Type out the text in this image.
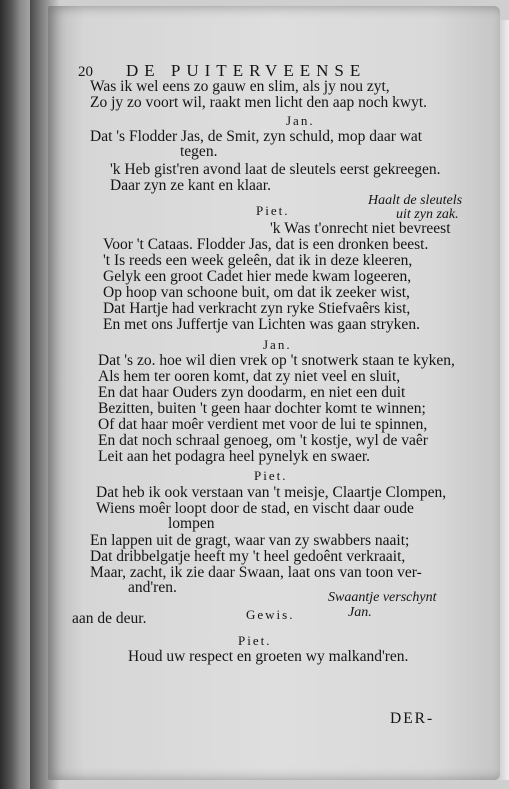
20 DE PUITERVEENSE
Was ik wel eens zo gauw en slim, als jy nou zyt,
Zo jy zo voort wil, raakt men licht den aap noch kwyt.
Jan.
Dat 's Flodder Jas, de Smit, zyn schuld, mop daar wat
tegen.
'k Heb gist'ren avond laat de sleutels eerst gekreegen.
Daar zyn ze kant en klaar.
Haalt de sleutels
Piet.	uit zyn zak.
'k Was t'onrecht niet bevreest
Voor 't Cataas. Flodder Jas, dat is een dronken beest.
't Is reeds een week geleên, dat ik in deze kleeren,
Gelyk een groot Cadet hier mede kwam logeeren,
Op hoop van schoone buit, om dat ik zeeker wist,
Dat Hartje had verkracht zyn ryke Stiefvaêrs kist,
En met ons Juffertje van Lichten was gaan stryken.
Jan.
Dat 's zo. hoe wil dien vrek op 't snotwerk staan te kyken,
Als hem ter ooren komt, dat zy niet veel en sluit,
En dat haar Ouders zyn doodarm, en niet een duit
Bezitten, buiten 't geen haar dochter komt te winnen;
Of dat haar moêr verdient met voor de lui te spinnen,
En dat noch schraal genoeg, om 't kostje, wyl de vaêr
Leit aan het podagra heel pynelyk en swaer.
Piet.
Dat heb ik ook verstaan van 't meisje, Claartje Clompen,
Wiens moêr loopt door de stad, en vischt daar oude
lompen
En lappen uit de gragt, waar van zy swabbers naait;
Dat dribbelgatje heeft my 't heel gedoênt verkraait,
Maar, zacht, ik zie daar Swaan, laat ons van toon ver-
and'ren.
Swaantje verschynt
aan de deur.	Gewis.	Jan.
Piet.
Houd uw respect en groeten wy malkand'ren.
DER-
